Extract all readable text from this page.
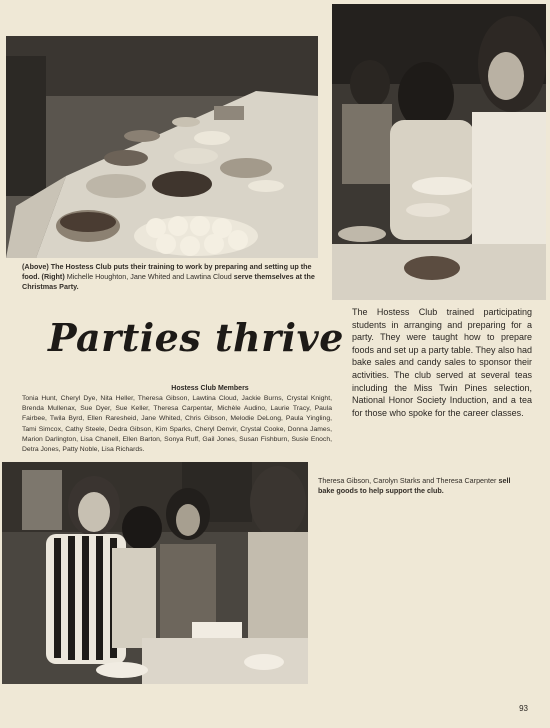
(Above) The Hostess Club puts their training to work by preparing and setting up the food. (Right) Michelle Houghton, Jane Whited and Lawtina Cloud serve themselves at the Christmas Party.
Parties thrive
The Hostess Club trained participating students in arranging and preparing for a party. They were taught how to prepare foods and set up a party table. They also had bake sales and candy sales to sponsor their activities. The club served at several teas including the Miss Twin Pines selection, National Honor Society Induction, and a tea for those who spoke for the career classes.
Hostess Club Members
Tonia Hunt, Cheryl Dye, Nita Heller, Theresa Gibson, Lawtina Cloud, Jackie Burns, Crystal Knight, Brenda Mullenax, Sue Dyer, Sue Keller, Theresa Carpentar, Michèle Audino, Laurie Tracy, Paula Fairbee, Twila Byrd, Ellen Raresheid, Jane Whited, Chris Gibson, Melodie DeLong, Paula Yingling, Tami Simcox, Cathy Steele, Dedra Gibson, Kim Sparks, Cheryl Denvir, Crystal Cooke, Donna James, Marion Darlington, Lisa Chanell, Ellen Barton, Sonya Ruff, Gail Jones, Susan Fishburn, Susie Enoch, Detra Jones, Patty Noble, Lisa Richards.
Theresa Gibson, Carolyn Starks and Theresa Carpenter sell bake goods to help support the club.
93
